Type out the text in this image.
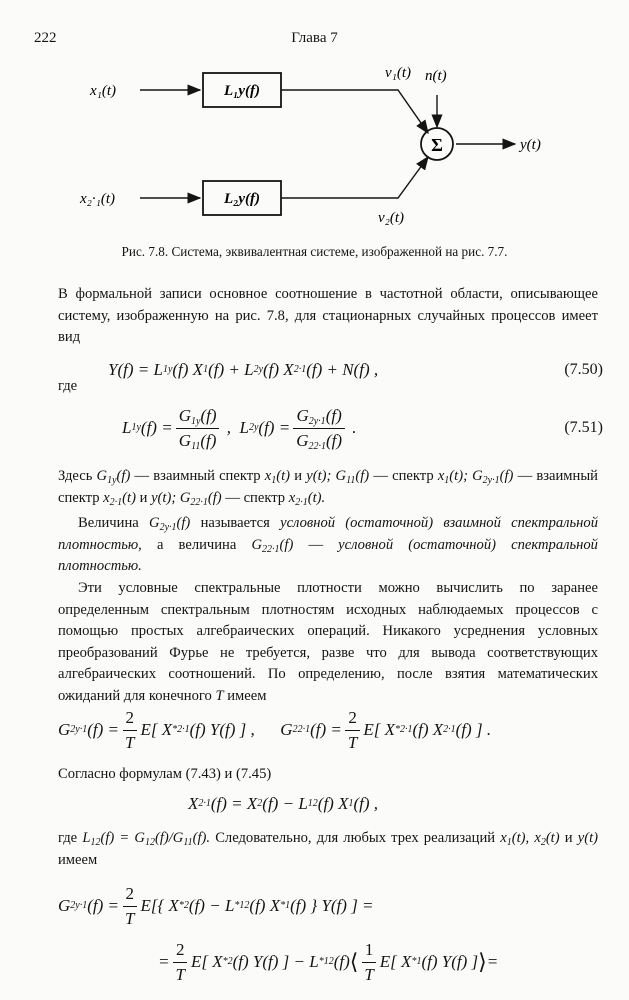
222	Глава 7
x₁(t)
x₂·₁(t)
L₁y(f)
L₂y(f)
v₁(t) n(t)
v₂(t)
Σ	y(t)
Рис. 7.8. Система, эквивалентная системе, изображенной на рис. 7.7.

В формальной записи основное соотношение в частотной области, описывающее систему, изображенную на рис. 7.8, для стационарных случайных процессов имеет вид

Y(f) = L 1y (f) X 1 (f) + L 2y (f) X 2·1 (f) + N(f) ,	(7.50)
где
L 1y $(f) = \frac{G_{1y}(f)}{G_{11}(f)}$ ,  L 2y $(f) = \frac{G_{2y\cdot 1}(f)}{G_{22\cdot 1}(f)}$ .	(7.51)

Здесь $G_{1y}(f)$ — взаимный спектр $x_1(t)$ и y(t); $G_{11}(f)$ — спектр $x_1(t)$; $G_{2y\cdot 1}(f)$ — взаимный спектр $x_{2\cdot 1}(t)$ и y(t); $G_{22\cdot 1}(f)$ — спектр $x_{2\cdot 1}(t)$.

Величина $G_{2y\cdot 1}(f)$ называется условной (остаточной) взаимной спектральной плотностью, а величина $G_{22\cdot 1}(f)$ — условной (остаточной) спектральной плотностью.

Эти условные спектральные плотности можно вычислить по заранее определенным спектральным плотностям исходных наблюдаемых процессов с помощью простых алгебраических операций. Никакого усреднения условных преобразований Фурье не требуется, разве что для вывода соответствующих алгебраических соотношений. По определению, после взятия математических ожиданий для конечного T имеем

G 2y·1 $(f) = \frac{2}{T} E$[ X * 2·1 (f) Y(f) ] ,      G 22·1 $(f) = \frac{2}{T} E$[ X * 2·1 (f) X 2·1 (f) ] .
Согласно формулам (7.43) и (7.45)
X 2·1 (f) = X 2 (f) − L 12 (f) X 1 (f) ,

где $L_{12}(f) = G_{12}(f)/G_{11}(f)$. Следовательно, для любых трех реализаций $x_1(t)$, $x_2(t)$ и y(t) имеем

G 2y·1 $(f) = \frac{2}{T} E$[{ X * 2 (f) − L * 12 (f) X * 1 (f) } Y(f) ] =
= $\frac{2}{T} E$[ X * 2 (f) Y(f) ] − L * 12 (f) ⟨ $\frac{1}{T} E$[ X * 1 (f) Y(f) ] ⟩ =
